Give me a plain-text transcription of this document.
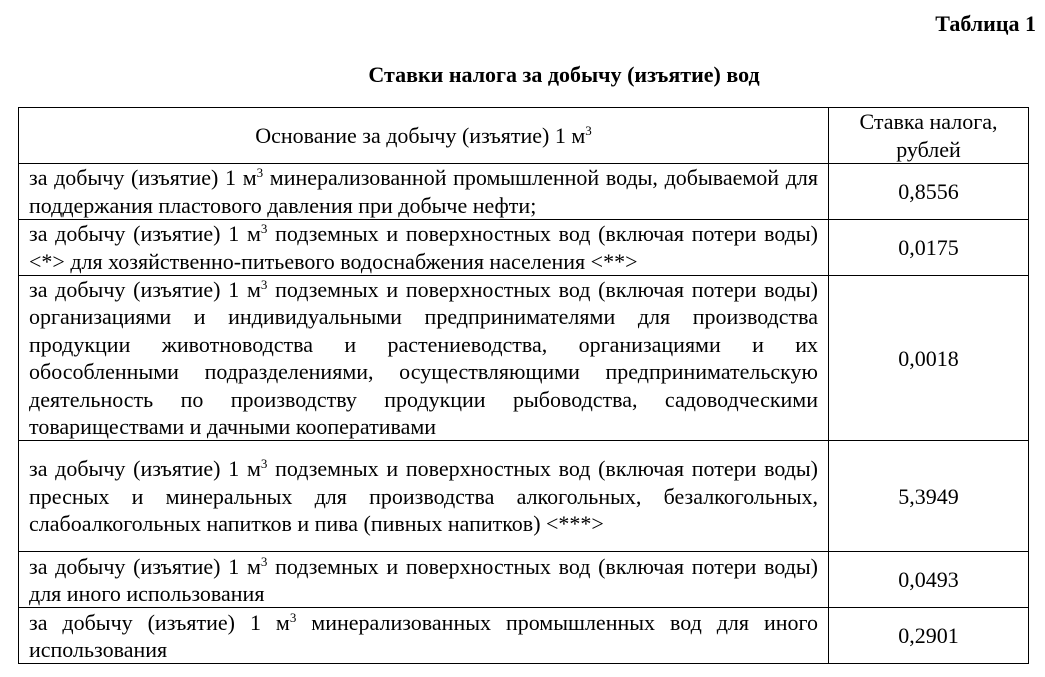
Таблица 1
Ставки налога за добычу (изъятие) вод
Основание за добычу (изъятие) 1 $м^3$	Ставка налога,
рублей
за добычу (изъятие) 1 $м^3$ минерализованной промышленной воды, добываемой для поддержания пластового давления при добыче нефти;	0,8556
за добычу (изъятие) 1 $м^3$ подземных и поверхностных вод (включая потери воды) <*> для хозяйственно-питьевого водоснабжения населения <**>	0,0175
за добычу (изъятие) 1 $м^3$ подземных и поверхностных вод (включая потери воды) организациями и индивидуальными предпринимателями для производства продукции животноводства и растениеводства, организациями и их обособленными подразделениями, осуществляющими предпринимательскую деятельность по производству продукции рыбоводства, садоводческими товариществами и дачными кооперативами	0,0018
за добычу (изъятие) 1 $м^3$ подземных и поверхностных вод (включая потери воды) пресных и минеральных для производства алкогольных, безалкогольных, слабоалкогольных напитков и пива (пивных напитков) <***>	5,3949
за добычу (изъятие) 1 $м^3$ подземных и поверхностных вод (включая потери воды) для иного использования	0,0493
за добычу (изъятие) 1 $м^3$ минерализованных промышленных вод для иного использования	0,2901
